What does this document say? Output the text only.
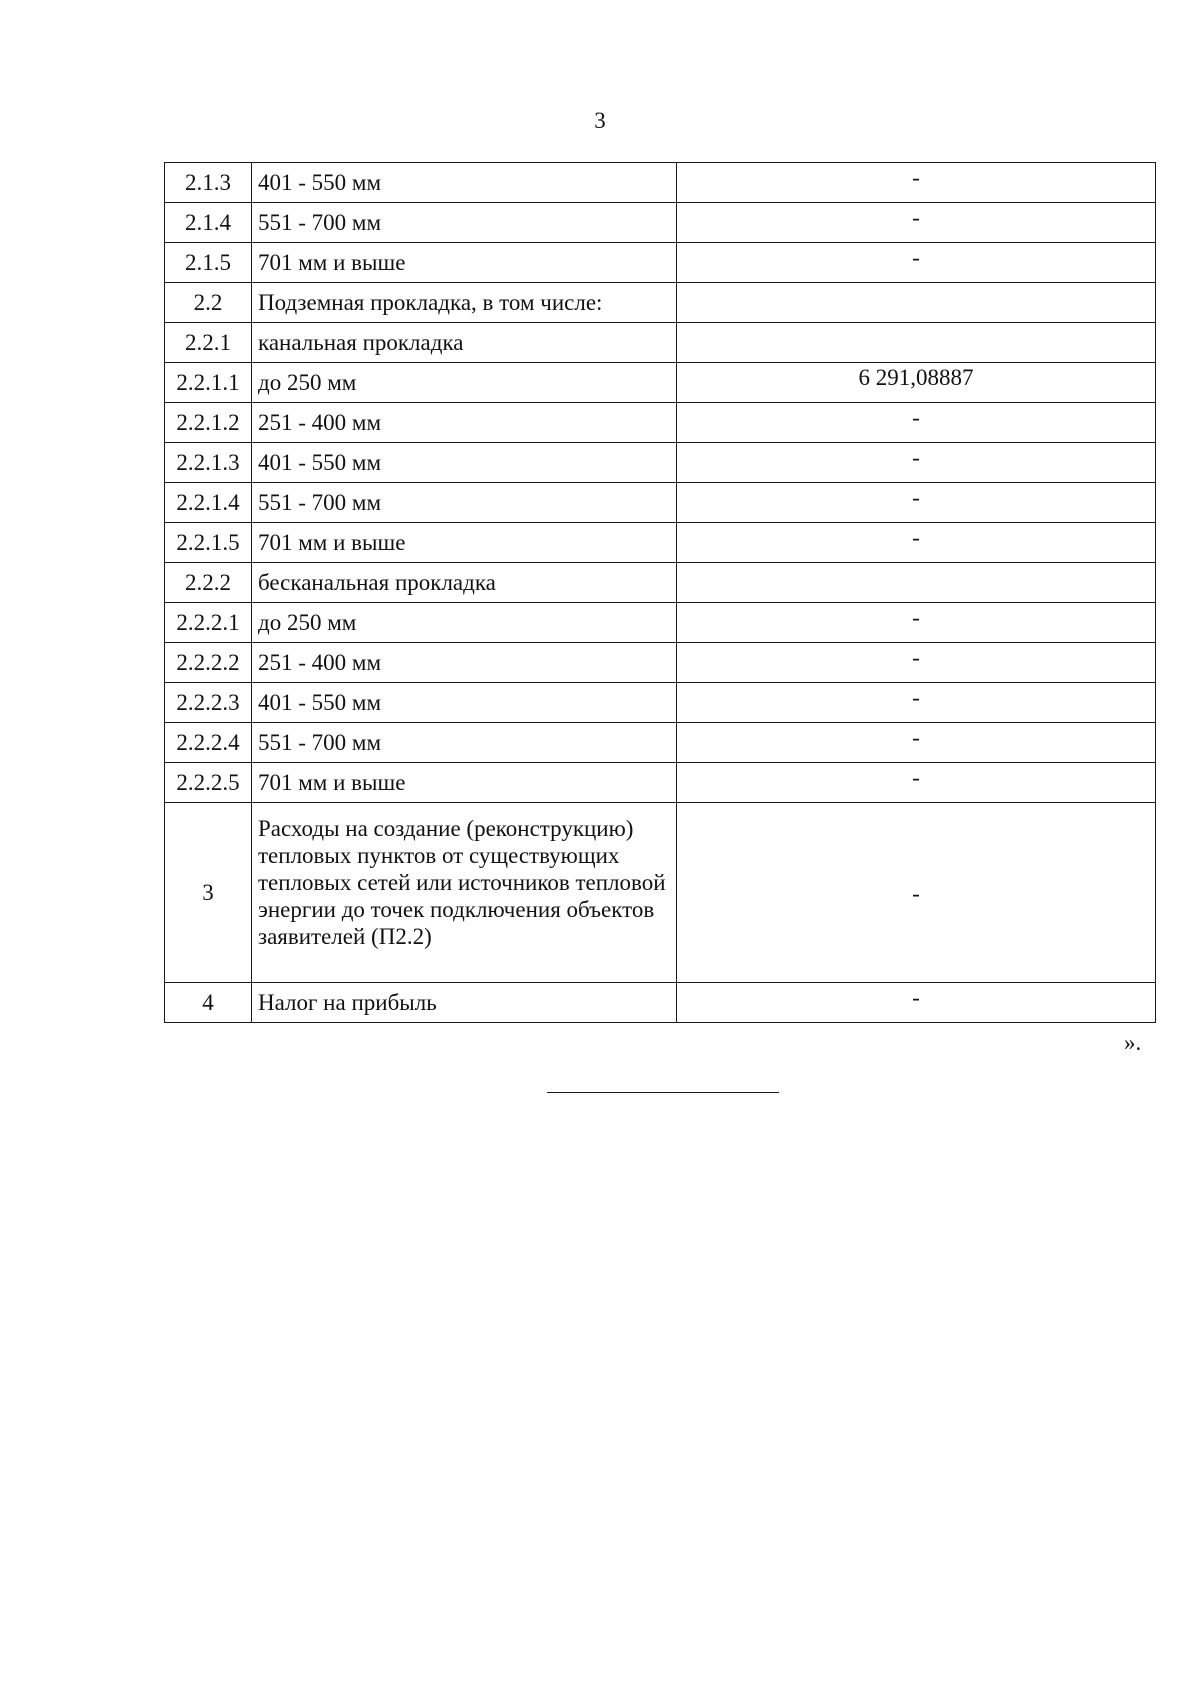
3
2.1.3	401 - 550 мм	-
2.1.4	551 - 700 мм	-
2.1.5	701 мм и выше	-
2.2	Подземная прокладка, в том числе:	
2.2.1	канальная прокладка	
2.2.1.1	до 250 мм	6 291,08887
2.2.1.2	251 - 400 мм	-
2.2.1.3	401 - 550 мм	-
2.2.1.4	551 - 700 мм	-
2.2.1.5	701 мм и выше	-
2.2.2	бесканальная прокладка	
2.2.2.1	до 250 мм	-
2.2.2.2	251 - 400 мм	-
2.2.2.3	401 - 550 мм	-
2.2.2.4	551 - 700 мм	-
2.2.2.5	701 мм и выше	-
3	Расходы на создание (реконструкцию) тепловых пунктов от существующих тепловых сетей или источников тепловой энергии до точек подключения объектов заявителей (П2.2)	-
4	Налог на прибыль	-
».
